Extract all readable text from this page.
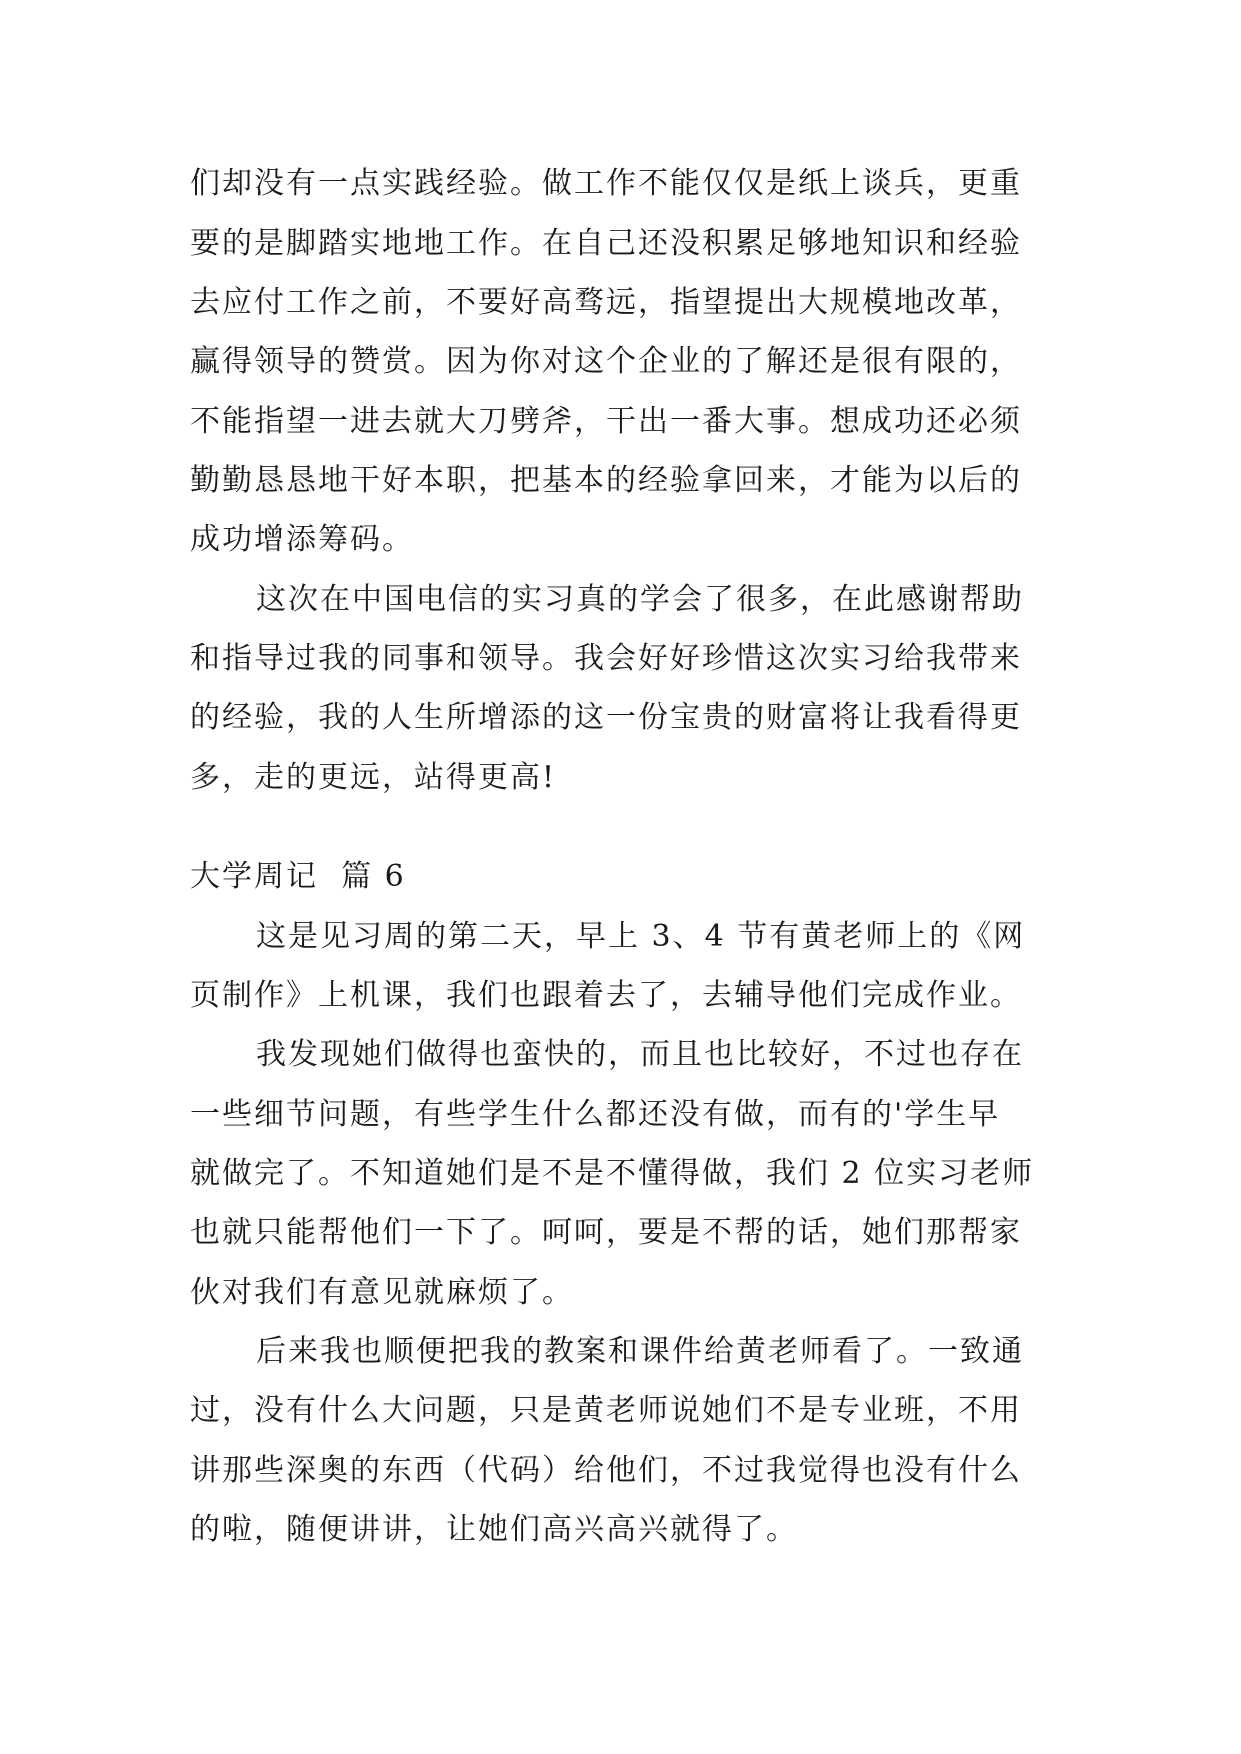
们却没有一点实践经验。做工作不能仅仅是纸上谈兵，更重
要的是脚踏实地地工作。在自己还没积累足够地知识和经验
去应付工作之前，不要好高骛远，指望提出大规模地改革，
赢得领导的赞赏。因为你对这个企业的了解还是很有限的，
不能指望一进去就大刀劈斧，干出一番大事。想成功还必须
勤勤恳恳地干好本职，把基本的经验拿回来，才能为以后的
成功增添筹码。
这次在中国电信的实习真的学会了很多，在此感谢帮助
和指导过我的同事和领导。我会好好珍惜这次实习给我带来
的经验，我的人生所增添的这一份宝贵的财富将让我看得更
多，走的更远，站得更高!
大学周记  篇 6
这是见习周的第二天，早上 3、4 节有黄老师上的《网
页制作》上机课，我们也跟着去了，去辅导他们完成作业。
我发现她们做得也蛮快的，而且也比较好，不过也存在
一些细节问题，有些学生什么都还没有做，而有的'学生早
就做完了。不知道她们是不是不懂得做，我们 2 位实习老师
也就只能帮他们一下了。呵呵，要是不帮的话，她们那帮家
伙对我们有意见就麻烦了。
后来我也顺便把我的教案和课件给黄老师看了。一致通
过，没有什么大问题，只是黄老师说她们不是专业班，不用
讲那些深奥的东西（代码）给他们，不过我觉得也没有什么
的啦，随便讲讲，让她们高兴高兴就得了。
